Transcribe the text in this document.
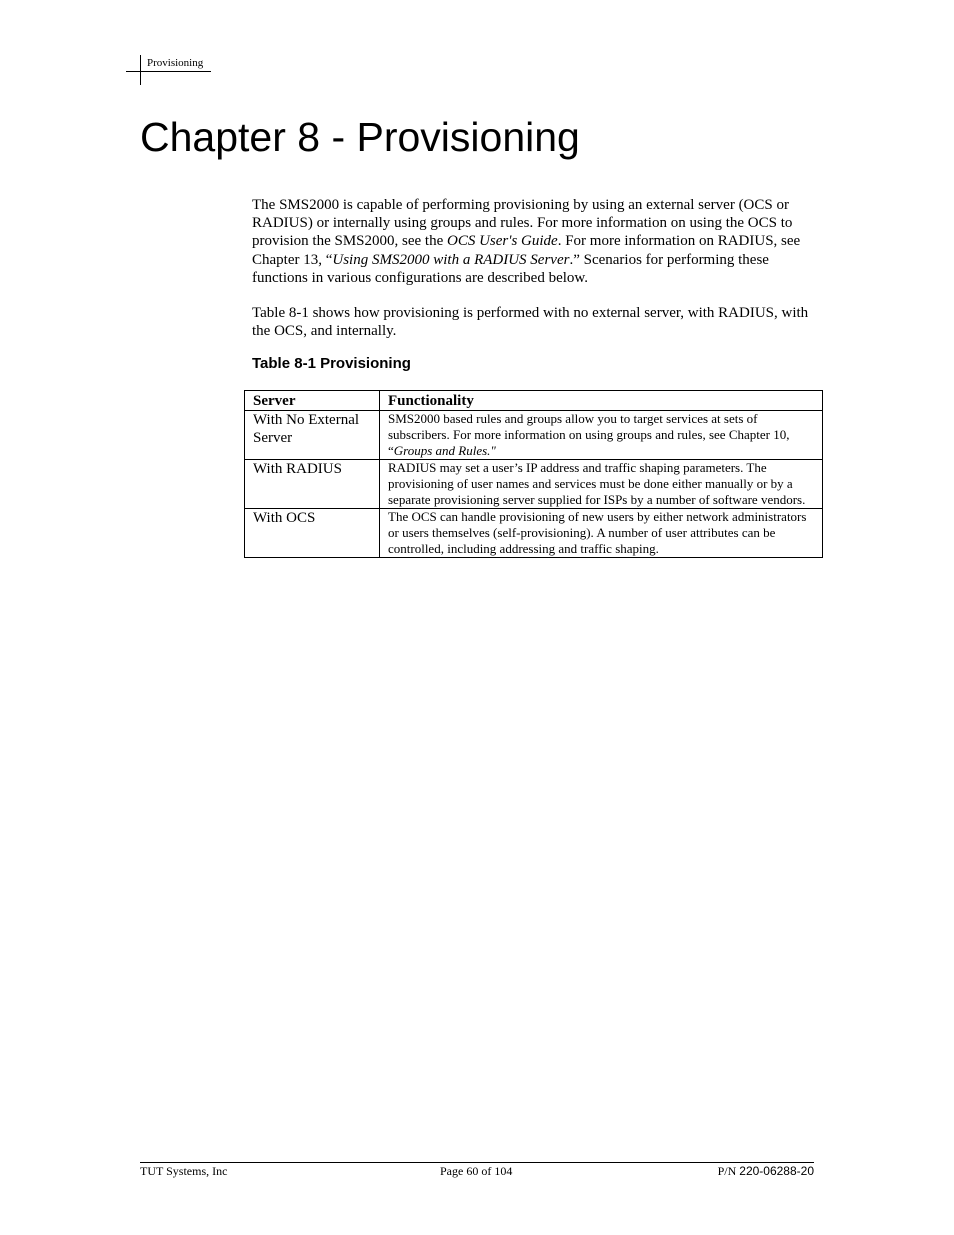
Provisioning
Chapter 8 - Provisioning

The SMS2000 is capable of performing provisioning by using an external server (OCS or RADIUS) or internally using groups and rules. For more information on using the OCS to provision the SMS2000, see the OCS User's Guide. For more information on RADIUS, see Chapter 13, “Using SMS2000 with a RADIUS Server.” Scenarios for performing these functions in various configurations are described below.

Table 8-1 shows how provisioning is performed with no external server, with RADIUS, with the OCS, and internally.

Table 8-1 Provisioning

Server	Functionality
With No External Server	SMS2000 based rules and groups allow you to target services at sets of subscribers. For more information on using groups and rules, see Chapter 10, “Groups and Rules."
With RADIUS	RADIUS may set a user’s IP address and traffic shaping parameters. The provisioning of user names and services must be done either manually or by a separate provisioning server supplied for ISPs by a number of software vendors.
With OCS	The OCS can handle provisioning of new users by either network administrators or users themselves (self-provisioning). A number of user attributes can be controlled, including addressing and traffic shaping.
TUT Systems, Inc	Page 60 of 104	P/N 220-06288-20
